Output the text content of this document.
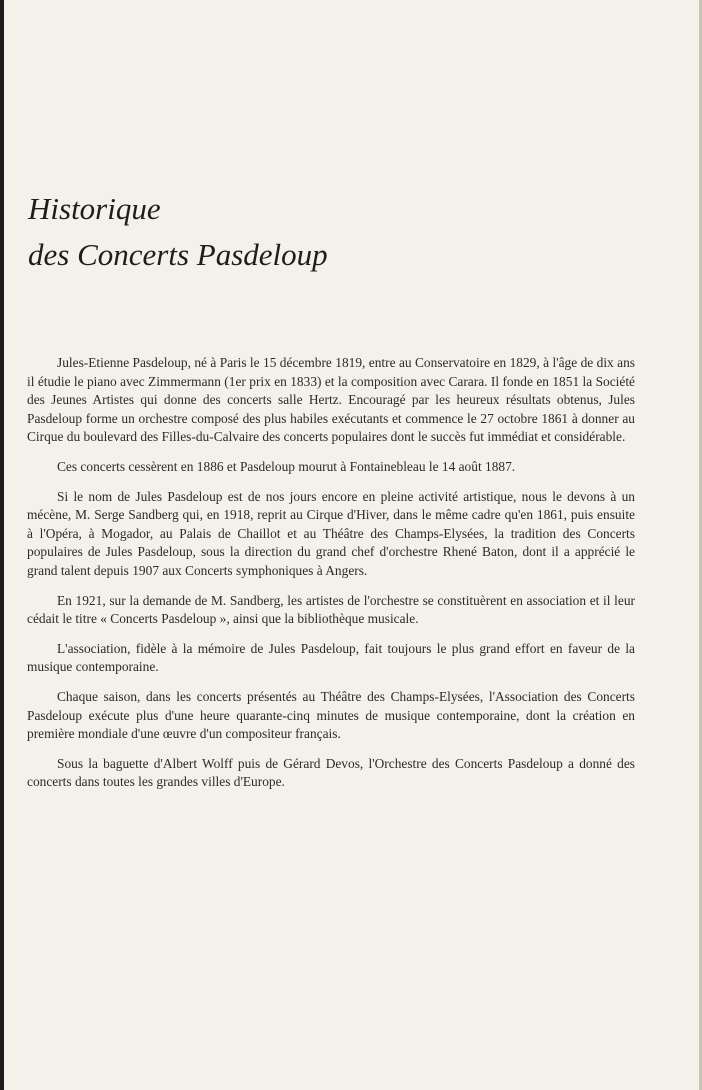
Historique
des Concerts Pasdeloup

Jules-Etienne Pasdeloup, né à Paris le 15 décembre 1819, entre au Conservatoire en 1829, à l'âge de dix ans il étudie le piano avec Zimmermann (1er prix en 1833) et la composition avec Carara. Il fonde en 1851 la Société des Jeunes Artistes qui donne des concerts salle Hertz. Encouragé par les heureux résultats obtenus, Jules Pasdeloup forme un orchestre composé des plus habiles exécutants et commence le 27 octobre 1861 à donner au Cirque du boulevard des Filles-du-Calvaire des concerts populaires dont le succès fut immédiat et considérable.

Ces concerts cessèrent en 1886 et Pasdeloup mourut à Fontainebleau le 14 août 1887.

Si le nom de Jules Pasdeloup est de nos jours encore en pleine activité artistique, nous le devons à un mécène, M. Serge Sandberg qui, en 1918, reprit au Cirque d'Hiver, dans le même cadre qu'en 1861, puis ensuite à l'Opéra, à Mogador, au Palais de Chaillot et au Théâtre des Champs-Elysées, la tradition des Concerts populaires de Jules Pasdeloup, sous la direction du grand chef d'orchestre Rhené Baton, dont il a apprécié le grand talent depuis 1907 aux Concerts symphoniques à Angers.

En 1921, sur la demande de M. Sandberg, les artistes de l'orchestre se constituèrent en association et il leur cédait le titre « Concerts Pasdeloup », ainsi que la bibliothèque musicale.

L'association, fidèle à la mémoire de Jules Pasdeloup, fait toujours le plus grand effort en faveur de la musique contemporaine.

Chaque saison, dans les concerts présentés au Théâtre des Champs-Elysées, l'Association des Concerts Pasdeloup exécute plus d'une heure quarante-cinq minutes de musique contemporaine, dont la création en première mondiale d'une œuvre d'un compositeur français.

Sous la baguette d'Albert Wolff puis de Gérard Devos, l'Orchestre des Concerts Pasdeloup a donné des concerts dans toutes les grandes villes d'Europe.
